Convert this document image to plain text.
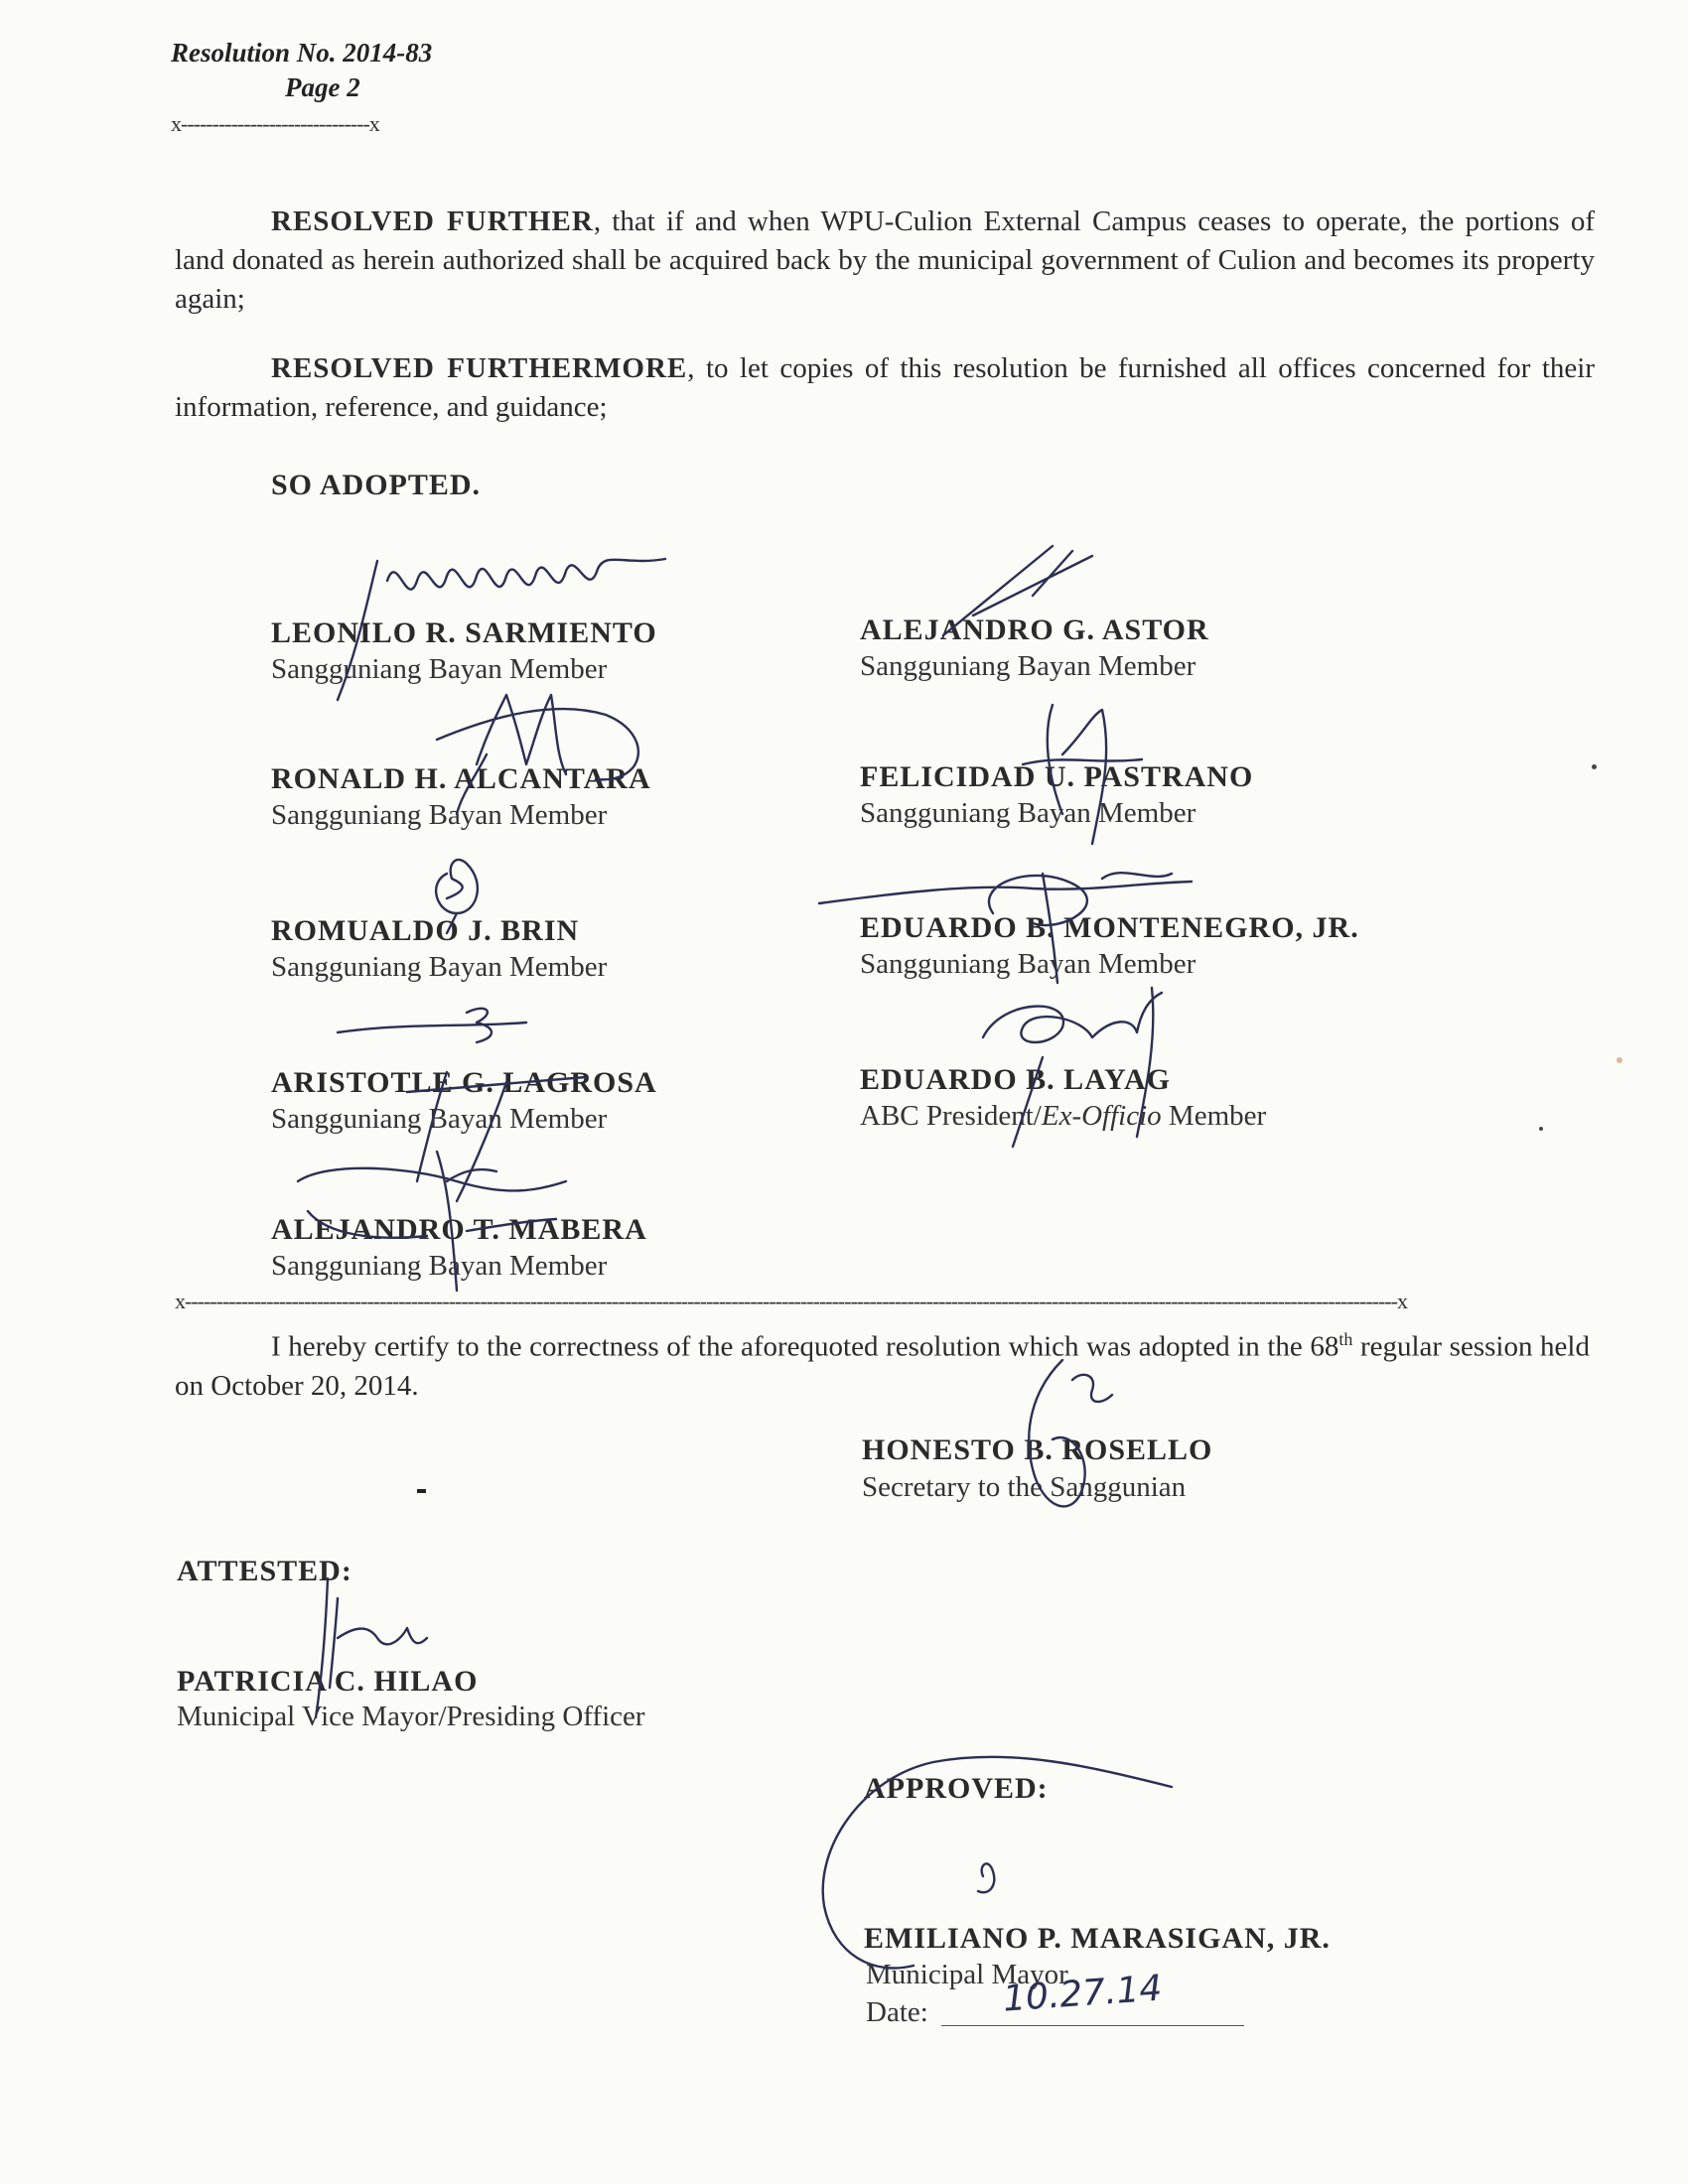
Resolution No. 2014-83
Page 2
x------------------------------x
RESOLVED FURTHER, that if and when WPU-Culion External Campus ceases to operate, the portions of land donated as herein authorized shall be acquired back by the municipal government of Culion and becomes its property again;
RESOLVED FURTHERMORE, to let copies of this resolution be furnished all offices concerned for their information, reference, and guidance;
SO ADOPTED.
LEONILO R. SARMIENTO
Sangguniang Bayan Member
RONALD H. ALCANTARA
Sangguniang Bayan Member
ROMUALDO J. BRIN
Sangguniang Bayan Member
ARISTOTLE G. LAGROSA
Sangguniang Bayan Member
ALEJANDRO T. MABERA
Sangguniang Bayan Member
ALEJANDRO G. ASTOR
Sangguniang Bayan Member
FELICIDAD U. PASTRANO
Sangguniang Bayan Member
EDUARDO B. MONTENEGRO, JR.
Sangguniang Bayan Member
EDUARDO B. LAYAG
ABC President/Ex-Officio Member
x-------------------------------------------------------------------------------------------------------------------------------------------------------------------------------------------------x
I hereby certify to the correctness of the aforequoted resolution which was adopted in the 68th regular session held on October 20, 2014.
HONESTO B. ROSELLO
Secretary to the Sanggunian
ATTESTED:
PATRICIA C. HILAO
Municipal Vice Mayor/Presiding Officer
APPROVED:
EMILIANO P. MARASIGAN, JR.
Municipal Mayor
Date: 10.27.14
